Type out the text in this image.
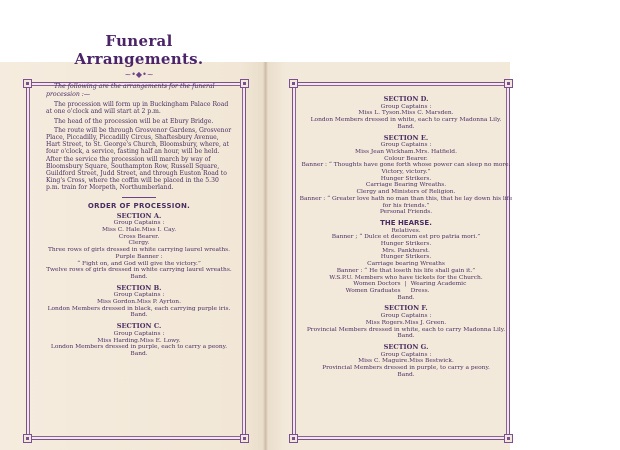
Funeral Arrangements.
~•◆•~

The following are the arrangements for the funeral procession :—

The procession will form up in Buckingham Palace Road at one o'clock and will start at 2 p.m.

The head of the procession will be at Ebury Bridge.

The route will be through Grosvenor Gardens, Grosvenor Place, Piccadilly, Piccadilly Circus, Shaftesbury Avenue, Hart Street, to St. George's Church, Bloomsbury, where, at four o'clock, a service, fasting half an hour, will be held. After the service the procession will march by way of Bloomsbury Square, Southampton Row, Russell Square, Guildford Street, Judd Street, and through Euston Road to King's Cross, where the coffin will be placed in the 5.30 p.m. train for Morpeth, Northumberland.

ORDER OF PROCESSION.
SECTION A.
Group Captains :
Miss C. Hale.Miss I. Cay.
Cross Bearer.
Clergy.
Three rows of girls dressed in white carrying laurel wreaths.
Purple Banner :
“ Fight on, and God will give the victory.”
Twelve rows of girls dressed in white carrying laurel wreaths.
Band.
SECTION B.
Group Captains :
Miss Gordon.Miss P. Ayrton.
London Members dressed in black, each carrying purple iris.
Band.
SECTION C.
Group Captains :
Miss Harding.Miss E. Lowy.
London Members dressed in purple, each to carry a peony.
Band.
SECTION D.
Group Captains :
Miss L. Tyson.Miss C. Marsden.
London Members dressed in white, each to carry Madonna Lily.
Band.
SECTION E.
Group Captains :
Miss Jean Wickham.Mrs. Hatfield.
Colour Bearer.
Banner : “ Thoughts have gone forth whose power can sleep no more. Victory, victory.”
Hunger Strikers.
Carriage Bearing Wreaths.
Clergy and Ministers of Religion.
Banner : “ Greater love hath no man than this, that he lay down his life for his friends.”
Personal Friends.
THE HEARSE.
Relatives.
Banner ; “ Dulce et decorum est pro patria mori.”
Hunger Strikers.
Mrs. Pankhurst.
Hunger Strikers.
Carriage bearing Wreaths
Banner : “ He that loseth his life shall gain it.”
W.S.P.U. Members who have tickets for the Church.
Women Doctors
Women Graduates
| Wearing Academic
Dress.
Band.
SECTION F.
Group Captains :
Miss Rogers.Miss J. Green.
Provincial Members dressed in white, each to carry Madonna Lily.
Band.
SECTION G.
Group Captains :
Miss C. Maguire.Miss Bestwick.
Provincial Members dressed in purple, to carry a peony.
Band.
